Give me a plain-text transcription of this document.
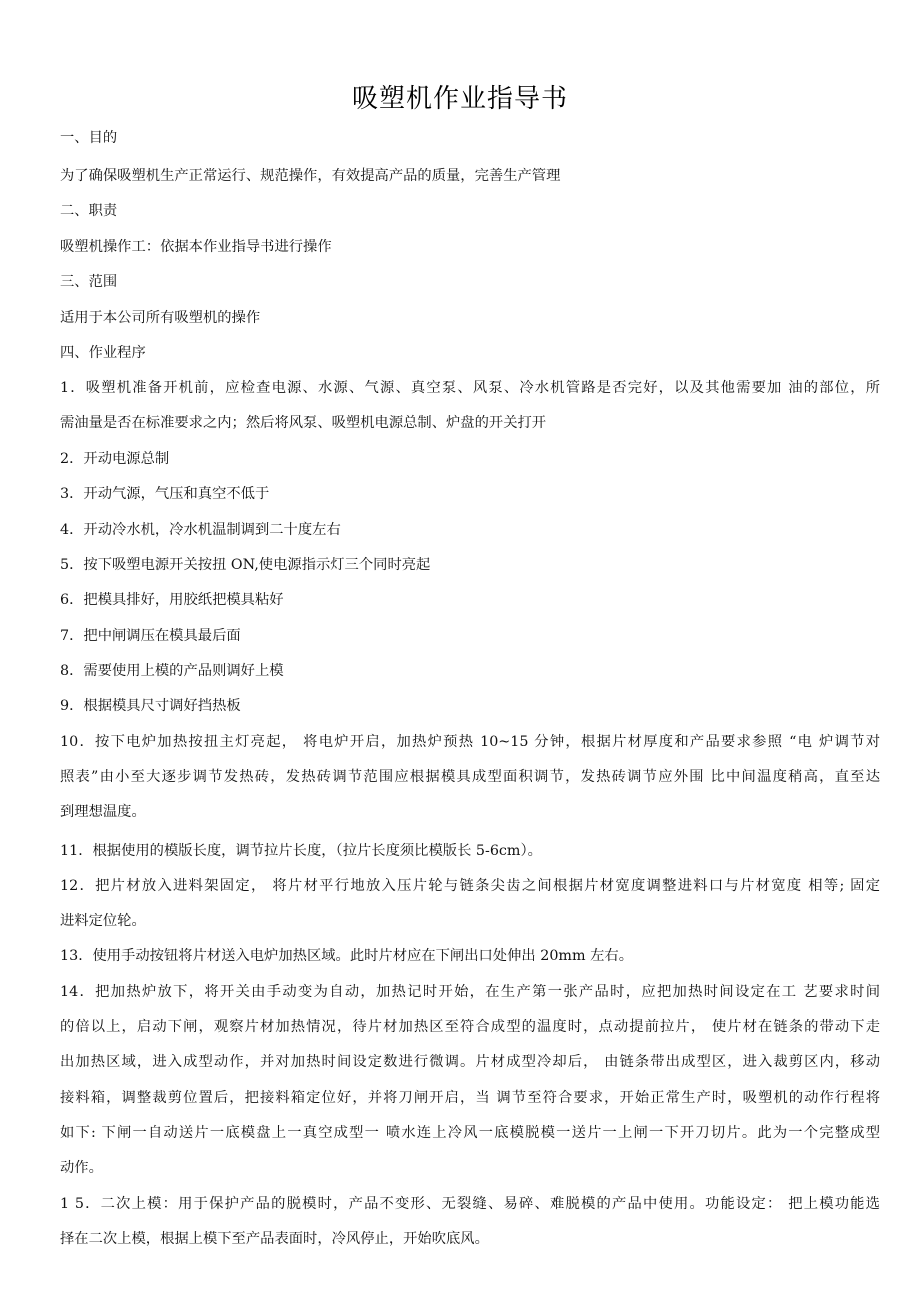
吸塑机作业指导书
一、目的
为了确保吸塑机生产正常运行、规范操作，有效提高产品的质量，完善生产管理
二、职责
吸塑机操作工：依据本作业指导书进行操作
三、范围
适用于本公司所有吸塑机的操作
四、作业程序
1．吸塑机准备开机前，应检查电源、水源、气源、真空泵、风泵、冷水机管路是否完好，以及其他需要加 油的部位，所
需油量是否在标准要求之内；然后将风泵、吸塑机电源总制、炉盘的开关打开
2．开动电源总制
3．开动气源，气压和真空不低于
4．开动冷水机，冷水机温制调到二十度左右
5．按下吸塑电源开关按扭 ON,使电源指示灯三个同时亮起
6．把模具排好，用胶纸把模具粘好
7．把中闸调压在模具最后面
8．需要使用上模的产品则调好上模
9．根据模具尺寸调好挡热板
10．按下电炉加热按扭主灯亮起， 将电炉开启，加热炉预热 10~15 分钟，根据片材厚度和产品要求参照 “电 炉调节对
照表”由小至大逐步调节发热砖，发热砖调节范围应根据模具成型面积调节，发热砖调节应外围 比中间温度稍高，直至达
到理想温度。
11．根据使用的模版长度，调节拉片长度，（拉片长度须比模版长 5-6cm）。
12．把片材放入进料架固定， 将片材平行地放入压片轮与链条尖齿之间根据片材宽度调整进料口与片材宽度 相等; 固定
进料定位轮。
13．使用手动按钮将片材送入电炉加热区域。此时片材应在下闸出口处伸出 20mm 左右。
14．把加热炉放下，将开关由手动变为自动，加热记时开始，在生产第一张产品时，应把加热时间设定在工 艺要求时间
的倍以上，启动下闸，观察片材加热情况，待片材加热区至符合成型的温度时，点动提前拉片， 使片材在链条的带动下走
出加热区域，进入成型动作，并对加热时间设定数进行微调。片材成型冷却后， 由链条带出成型区，进入裁剪区内，移动
接料箱，调整裁剪位置后，把接料箱定位好，并将刀闸开启，当 调节至符合要求，开始正常生产时，吸塑机的动作行程将
如下: 下闸一自动送片一底模盘上一真空成型一 喷水连上冷风一底模脱模一送片一上闸一下开刀切片。此为一个完整成型
动作。
1 5．二次上模：用于保护产品的脱模时，产品不变形、无裂缝、易碎、难脱模的产品中使用。功能设定： 把上模功能选
择在二次上模，根据上模下至产品表面时，冷风停止，开始吹底风。
